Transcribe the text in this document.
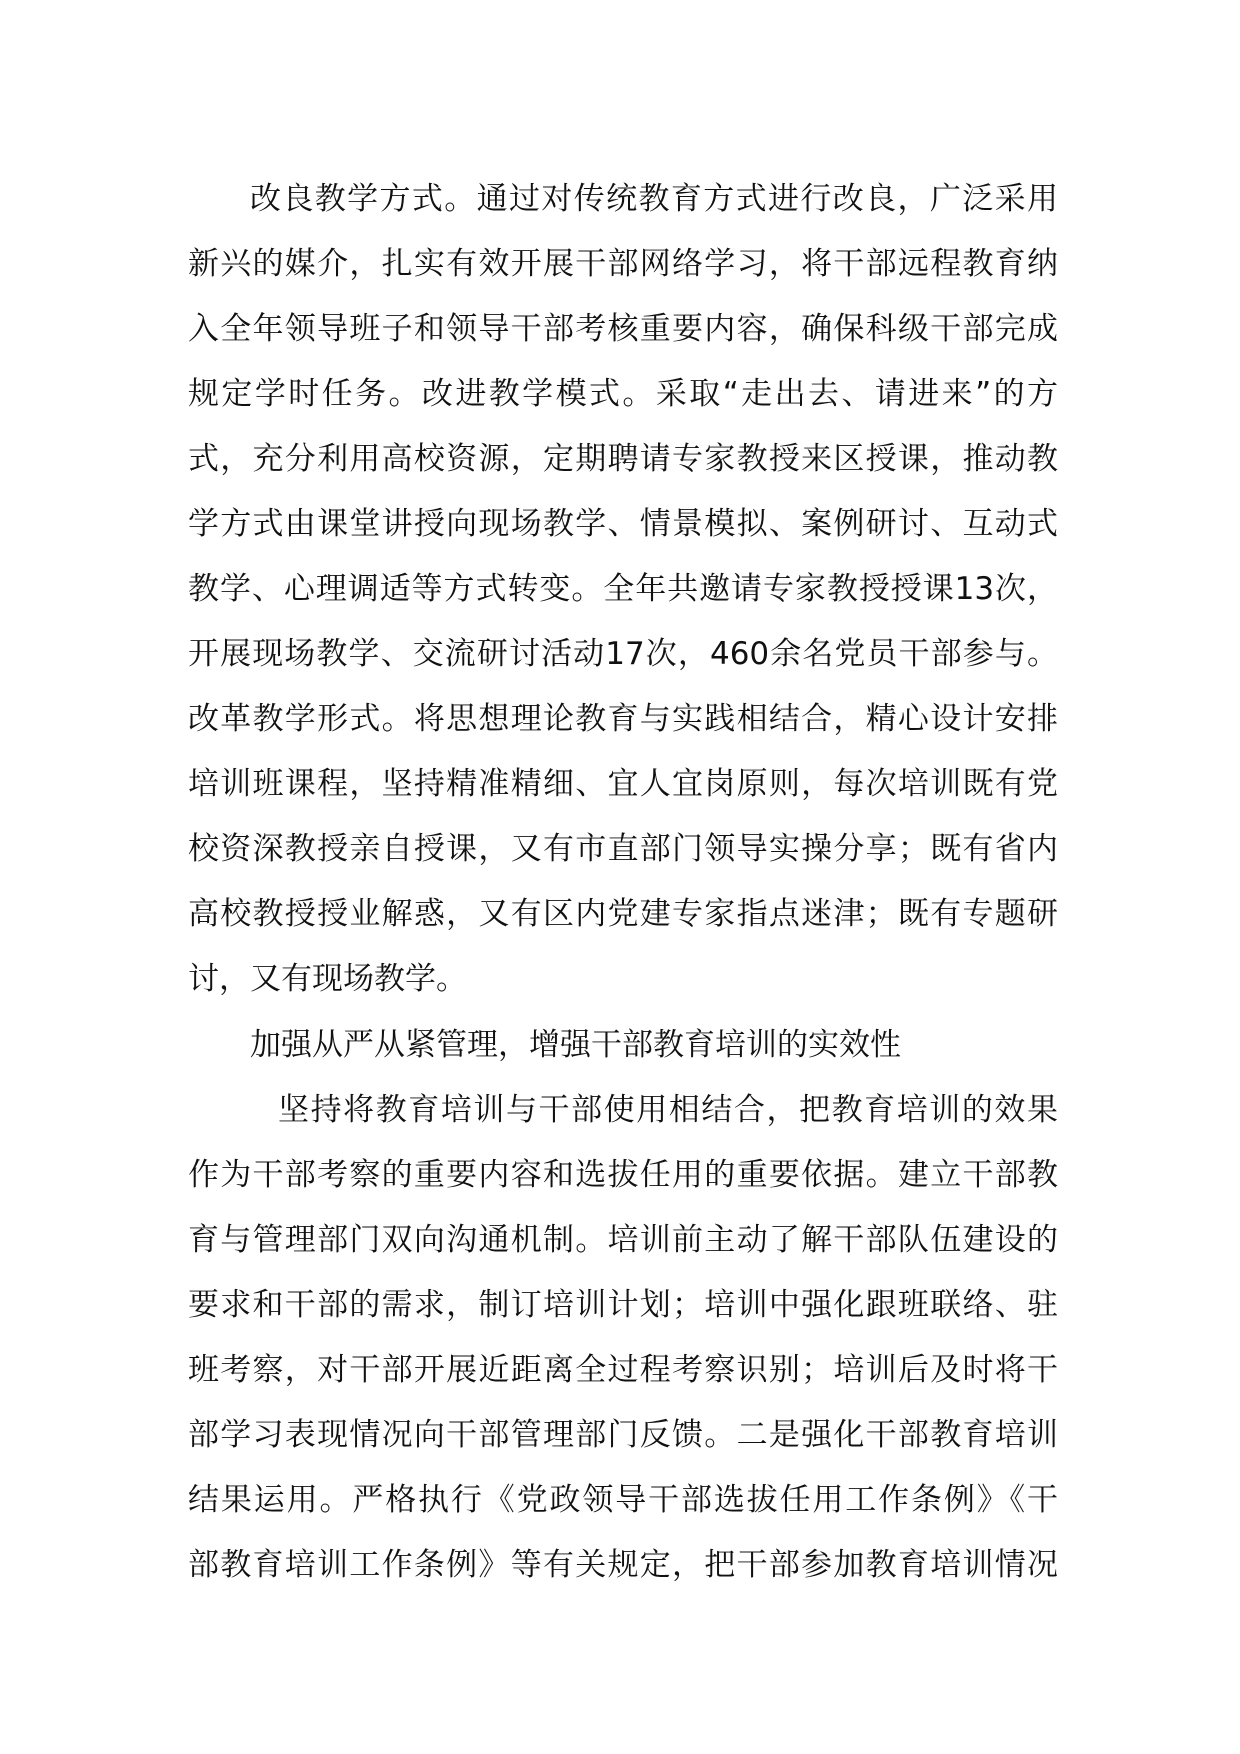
改良教学方式。通过对传统教育方式进行改良，广泛采用
新兴的媒介，扎实有效开展干部网络学习，将干部远程教育纳
入全年领导班子和领导干部考核重要内容，确保科级干部完成
规定学时任务。改进教学模式。采取“走出去、请进来”的方
式，充分利用高校资源，定期聘请专家教授来区授课，推动教
学方式由课堂讲授向现场教学、情景模拟、案例研讨、互动式
教学、心理调适等方式转变。全年共邀请专家教授授课13次，
开展现场教学、交流研讨活动17次，460余名党员干部参与。
改革教学形式。将思想理论教育与实践相结合，精心设计安排
培训班课程，坚持精准精细、宜人宜岗原则，每次培训既有党
校资深教授亲自授课，又有市直部门领导实操分享；既有省内
高校教授授业解惑，又有区内党建专家指点迷津；既有专题研
讨，又有现场教学。
加强从严从紧管理，增强干部教育培训的实效性
坚持将教育培训与干部使用相结合，把教育培训的效果
作为干部考察的重要内容和选拔任用的重要依据。建立干部教
育与管理部门双向沟通机制。培训前主动了解干部队伍建设的
要求和干部的需求，制订培训计划；培训中强化跟班联络、驻
班考察，对干部开展近距离全过程考察识别；培训后及时将干
部学习表现情况向干部管理部门反馈。二是强化干部教育培训
结果运用。严格执行《党政领导干部选拔任用工作条例》《干
部教育培训工作条例》等有关规定，把干部参加教育培训情况
